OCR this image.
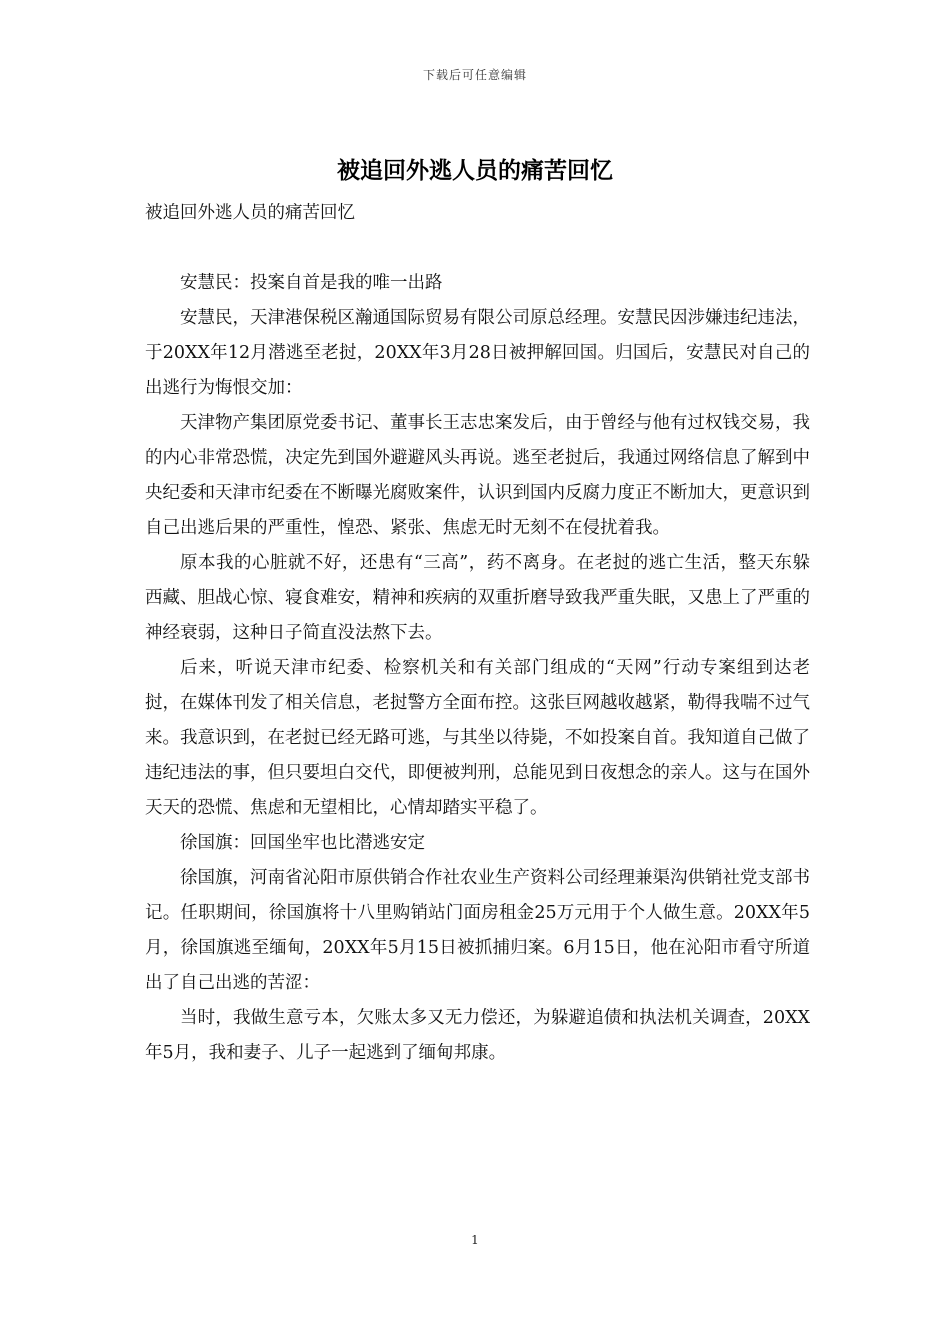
下载后可任意编辑
被追回外逃人员的痛苦回忆

被追回外逃人员的痛苦回忆

安慧民：投案自首是我的唯一出路

安慧民，天津港保税区瀚通国际贸易有限公司原总经理。安慧民因涉嫌违纪违法，于20XX年12月潜逃至老挝，20XX年3月28日被押解回国。归国后，安慧民对自己的出逃行为悔恨交加：

天津物产集团原党委书记、董事长王志忠案发后，由于曾经与他有过权钱交易，我的内心非常恐慌，决定先到国外避避风头再说。逃至老挝后，我通过网络信息了解到中央纪委和天津市纪委在不断曝光腐败案件，认识到国内反腐力度正不断加大，更意识到自己出逃后果的严重性，惶恐、紧张、焦虑无时无刻不在侵扰着我。

原本我的心脏就不好，还患有“三高”，药不离身。在老挝的逃亡生活，整天东躲西藏、胆战心惊、寝食难安，精神和疾病的双重折磨导致我严重失眠，又患上了严重的神经衰弱，这种日子简直没法熬下去。

后来，听说天津市纪委、检察机关和有关部门组成的“天网”行动专案组到达老挝，在媒体刊发了相关信息，老挝警方全面布控。这张巨网越收越紧，勒得我喘不过气来。我意识到，在老挝已经无路可逃，与其坐以待毙，不如投案自首。我知道自己做了违纪违法的事，但只要坦白交代，即便被判刑，总能见到日夜想念的亲人。这与在国外天天的恐慌、焦虑和无望相比，心情却踏实平稳了。

徐国旗：回国坐牢也比潜逃安定

徐国旗，河南省沁阳市原供销合作社农业生产资料公司经理兼渠沟供销社党支部书记。任职期间，徐国旗将十八里购销站门面房租金25万元用于个人做生意。20XX年5月，徐国旗逃至缅甸，20XX年5月15日被抓捕归案。6月15日，他在沁阳市看守所道出了自己出逃的苦涩：

当时，我做生意亏本，欠账太多又无力偿还，为躲避追债和执法机关调查，20XX年5月，我和妻子、儿子一起逃到了缅甸邦康。

1
